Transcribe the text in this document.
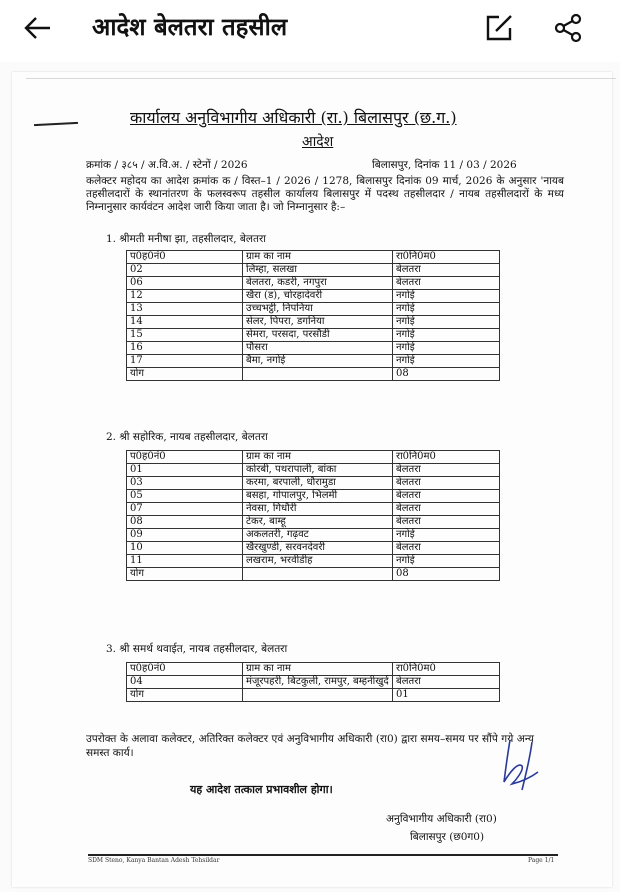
आदेश बेलतरा तहसील
कार्यालय अनुविभागीय अधिकारी (रा.) बिलासपुर (छ.ग.)
आदेश
क्रमांक / ३८५ / अ.वि.अ. / स्टेनों / 2026	बिलासपुर, दिनांक 11 / 03 / 2026
कलेक्टर महोदय का आदेश क्रमांक क / विस्त–1 / 2026 / 1278, बिलासपुर दिनांक 09 मार्च, 2026 के अनुसार 'नायब तहसीलदारों के स्थानांतरण के फलस्वरूप तहसील कार्यालय बिलासपुर में पदस्थ तहसीलदार / नायब तहसीलदारों के मध्य निम्नानुसार कार्यवंटन आदेश जारी किया जाता है। जो निम्नानुसार है:–
1. श्रीमती मनीषा झा, तहसीलदार, बेलतरा
प0ह0नं0	ग्राम का नाम	रा0नि0म0
02	लिम्हा, सलखा	बेलतरा
06	बेलतरा, कडरी, नगपुरा	बेलतरा
12	खैरा (ड), चोरहादेवरी	नगोई
13	उच्चभट्ठी, निपनिया	नगोई
14	सेलर, पिपरा, डगनिया	नगोई
15	सेमरा, परसदा, परसौडी	नगोई
16	पौसरा	नगोई
17	बैमा, नगोई	नगोई
योग		08
2. श्री सहोरिक, नायब तहसीलदार, बेलतरा
प0ह0नं0	ग्राम का नाम	रा0नि0म0
01	कोरबी, पथरापाली, बांका	बेलतरा
03	करमा, बरपाली, धौरामुडा	बेलतरा
05	बसहा, गोपालपुर, भिलमी	बेलतरा
07	नेवसा, गिधौरी	बेलतरा
08	टेकर, बाम्हू	बेलतरा
09	अकलतरी, गढ़वट	नगोई
10	खैरखुण्डी, सरवनदेवरी	बेलतरा
11	लखराम, भरवीडीह	नगोई
योग		08
3. श्री समर्थ थवाईत, नायब तहसीलदार, बेलतरा
प0ह0नं0	ग्राम का नाम	रा0नि0म0
04	मंजूरपहरी, बिटकुली, रामपुर, बम्हनीखुर्द	बेलतरा
योग		01
उपरोक्त के अलावा कलेक्टर, अतिरिक्त कलेक्टर एवं अनुविभागीय अधिकारी (रा0) द्वारा समय–समय पर सौंपे गये अन्य समस्त कार्य।
यह आदेश तत्काल प्रभावशील होगा।
अनुविभागीय अधिकारी (रा0)
बिलासपुर (छ0ग0)
SDM Steno, Kanya Bantan Adesh Tehsildar	Page 1/1
